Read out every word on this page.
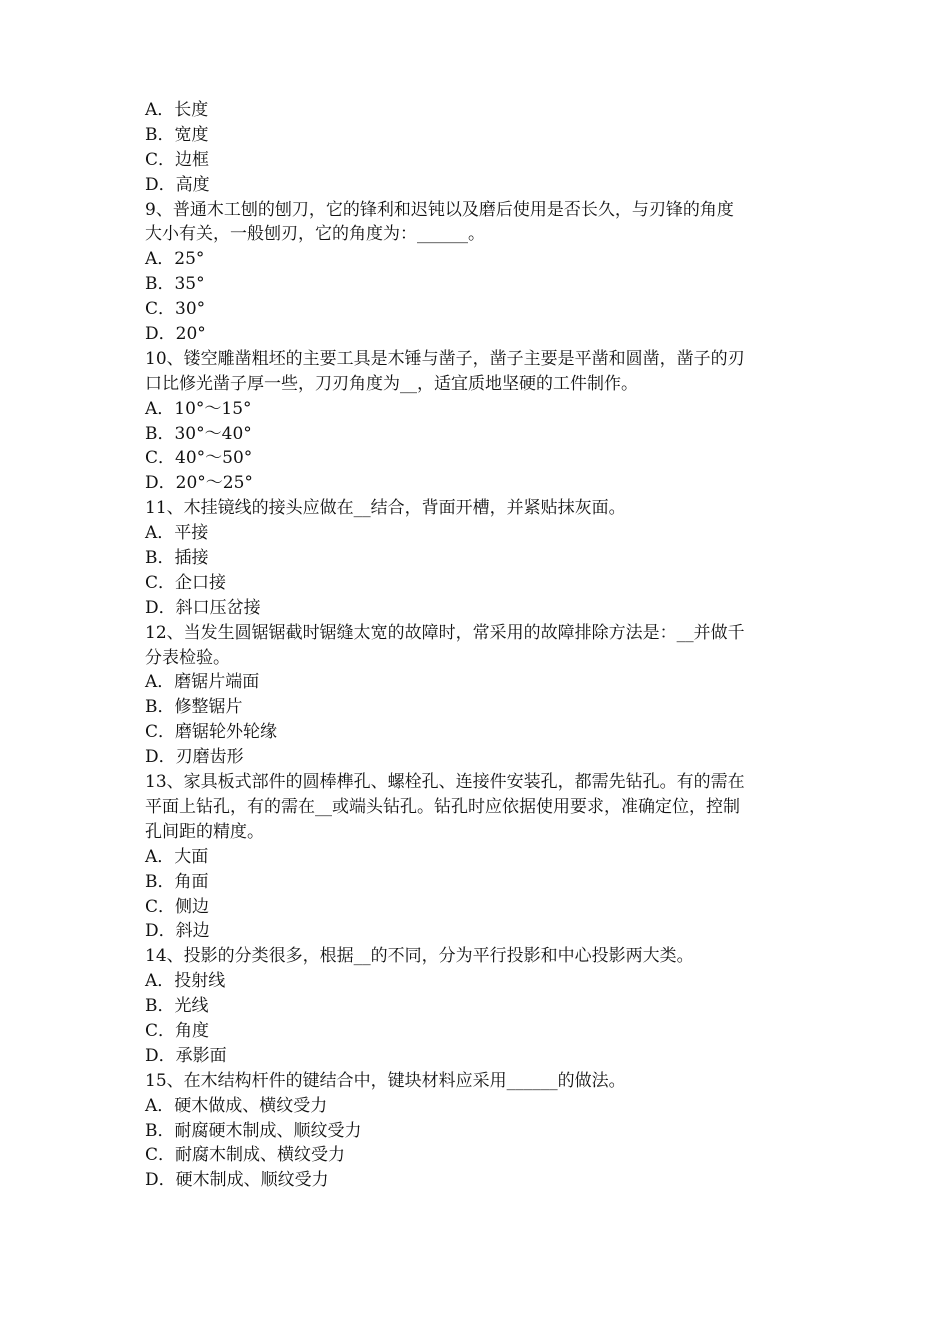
A．长度
B．宽度
C．边框
D．高度
9、普通木工刨的刨刀，它的锋利和迟钝以及磨后使用是否长久，与刃锋的角度
大小有关，一般刨刃，它的角度为：______。
A．25°
B．35°
C．30°
D．20°
10、镂空雕凿粗坯的主要工具是木锤与凿子，凿子主要是平凿和圆凿，凿子的刃
口比修光凿子厚一些，刀刃角度为__，适宜质地坚硬的工件制作。
A．10°～15°
B．30°～40°
C．40°～50°
D．20°～25°
11、木挂镜线的接头应做在__结合，背面开槽，并紧贴抹灰面。
A．平接
B．插接
C．企口接
D．斜口压岔接
12、当发生圆锯锯截时锯缝太宽的故障时，常采用的故障排除方法是：__并做千
分表检验。
A．磨锯片端面
B．修整锯片
C．磨锯轮外轮缘
D．刃磨齿形
13、家具板式部件的圆棒榫孔、螺栓孔、连接件安装孔，都需先钻孔。有的需在
平面上钻孔，有的需在__或端头钻孔。钻孔时应依据使用要求，准确定位，控制
孔间距的精度。
A．大面
B．角面
C．侧边
D．斜边
14、投影的分类很多，根据__的不同，分为平行投影和中心投影两大类。
A．投射线
B．光线
C．角度
D．承影面
15、在木结构杆件的键结合中，键块材料应采用______的做法。
A．硬木做成、横纹受力
B．耐腐硬木制成、顺纹受力
C．耐腐木制成、横纹受力
D．硬木制成、顺纹受力
